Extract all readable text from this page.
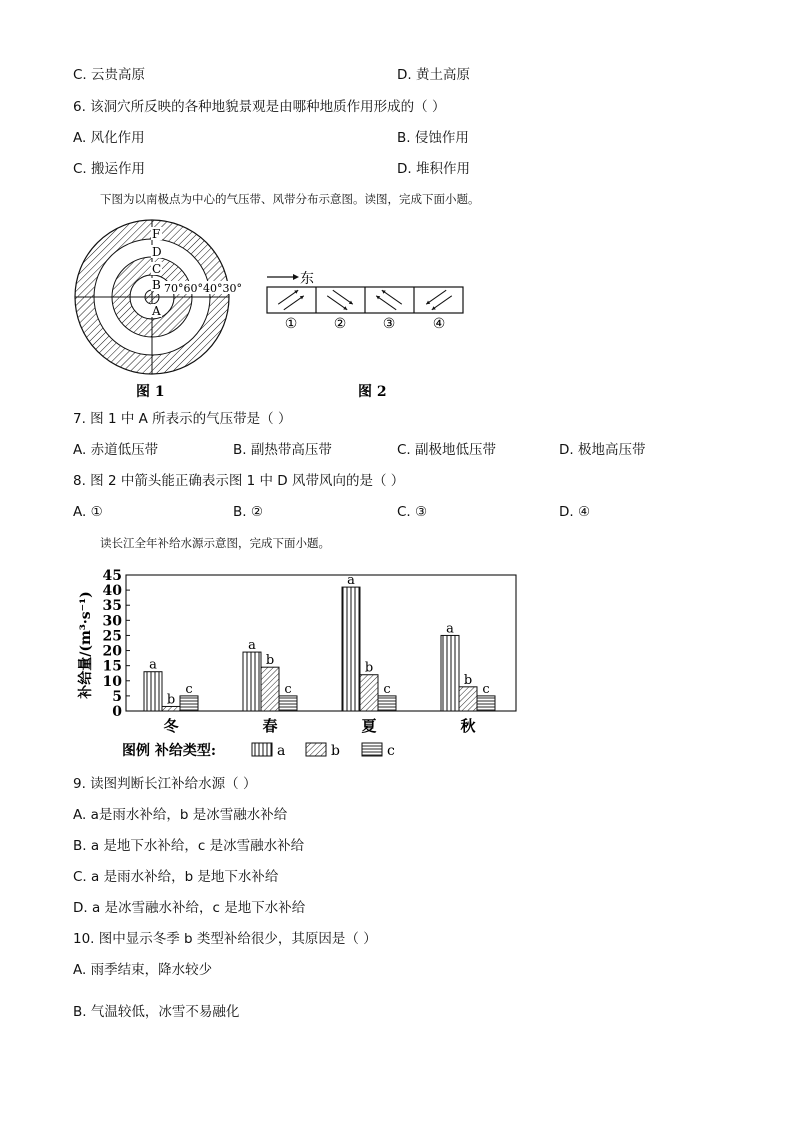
C. 云贵高原	D. 黄土高原
6. 该洞穴所反映的各种地貌景观是由哪种地质作用形成的（ ）
A. 风化作用	B. 侵蚀作用
C. 搬运作用	D. 堆积作用
下图为以南极点为中心的气压带、风带分布示意图。读图，完成下面小题。
70°60°40°30°
F
D
C
B
A
图 1
东
①	②	③	④
图 2
7. 图 1 中 A 所表示的气压带是（ ）
A. 赤道低压带	B. 副热带高压带	C. 副极地低压带	D. 极地高压带
8. 图 2 中箭头能正确表示图 1 中 D 风带风向的是（ ）
A. ①	B. ②	C. ③	D. ④
读长江全年补给水源示意图，完成下面小题。
补给量/(m³·s⁻¹)
0
5
10
15
20
25
30
35
40
45
a
b
c
a
b
c
a
b
c
a
b
c
冬	春	夏	秋
图例 补给类型:	a	b	c
9. 读图判断长江补给水源（ ）
A. a是雨水补给，b 是冰雪融水补给
B. a 是地下水补给，c 是冰雪融水补给
C. a 是雨水补给，b 是地下水补给
D. a 是冰雪融水补给，c 是地下水补给
10. 图中显示冬季 b 类型补给很少，其原因是（ ）
A. 雨季结束，降水较少
B. 气温较低，冰雪不易融化
